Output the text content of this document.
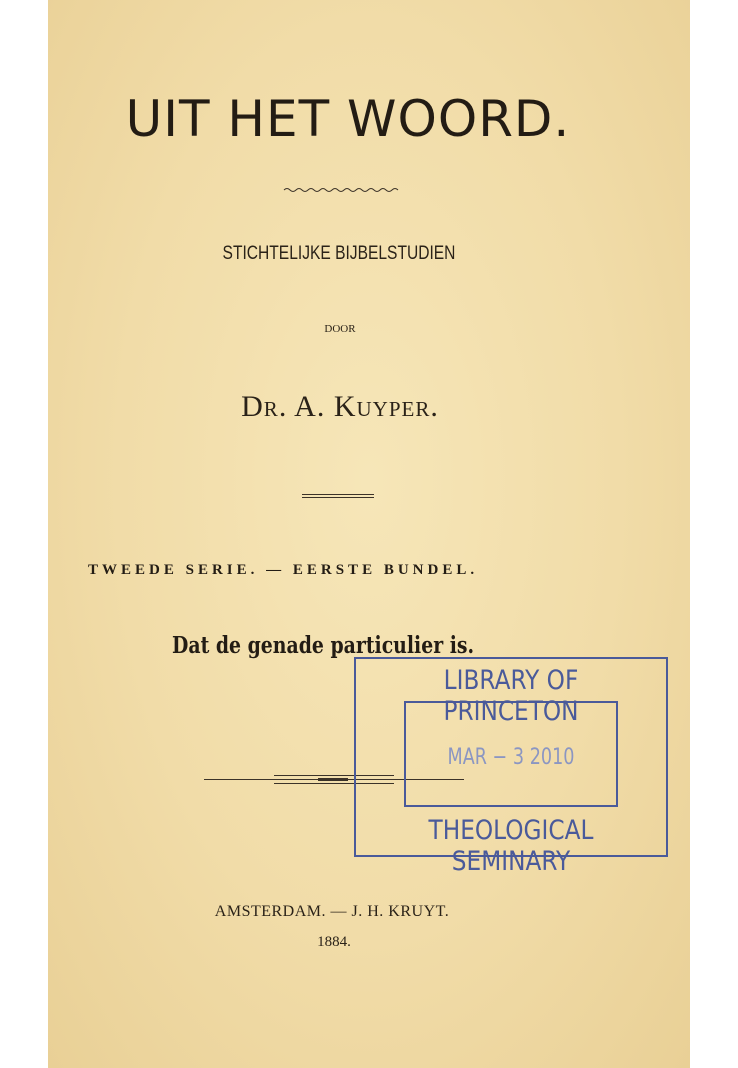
UIT HET WOORD.
STICHTELIJKE BIJBELSTUDIEN
DOOR
Dr. A. Kuyper.
TWEEDE SERIE. — EERSTE BUNDEL.
Dat de genade particulier is.
LIBRARY OF PRINCETON
MAR − 3 2010
THEOLOGICAL SEMINARY
AMSTERDAM. — J. H. KRUYT.
1884.
